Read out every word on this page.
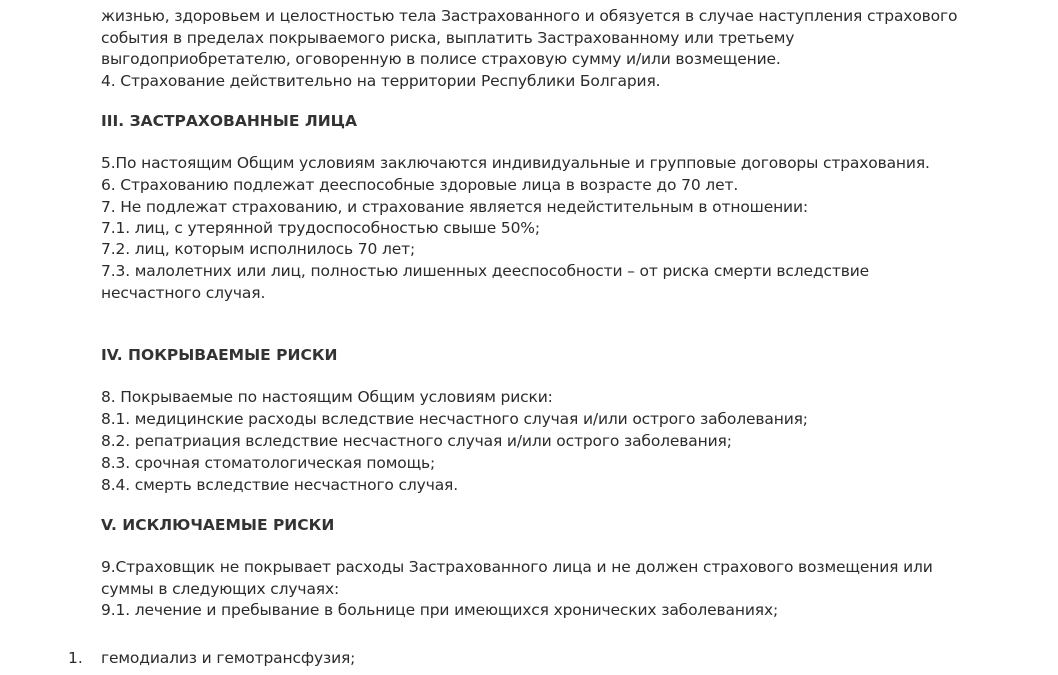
жизнью, здоровьем и целостностью тела Застрахованного и обязуется в случае наступления страхового
события в пределах покрываемого риска, выплатить Застрахованному или третьему
выгодоприобретателю, оговоренную в полисе страховую сумму и/или возмещение.
4. Страхование действительно на территории Республики Болгария.
III. ЗАСТРАХОВАННЫЕ ЛИЦА
5.По настоящим Общим условиям заключаются индивидуальные и групповые договоры страхования.
6. Страхованию подлежат дееспособные здоровые лица в возрасте до 70 лет.
7. Не подлежат страхованию, и страхование является недейстительным в отношении:
7.1. лиц, с утерянной трудоспособностью свыше 50%;
7.2. лиц, которым исполнилось 70 лет;
7.3. малолетних или лиц, полностью лишенных дееспособности – от риска смерти вследствие
несчастного случая.
IV. ПОКРЫВАЕМЫЕ РИСКИ
8. Покрываемые по настоящим Общим условиям риски:
8.1. медицинские расходы вследствие несчастного случая и/или острого заболевания;
8.2. репатриация вследствие несчастного случая и/или острого заболевания;
8.3. срочная стоматологическая помощь;
8.4. смерть вследствие несчастного случая.
V. ИСКЛЮЧАЕМЫЕ РИСКИ
9.Страховщик не покрывает расходы Застрахованного лица и не должен страхового возмещения или
суммы в следующих случаях:
9.1. лечение и пребывание в больнице при имеющихся хронических заболеваниях;
1. гемодиализ и гемотрансфузия;
